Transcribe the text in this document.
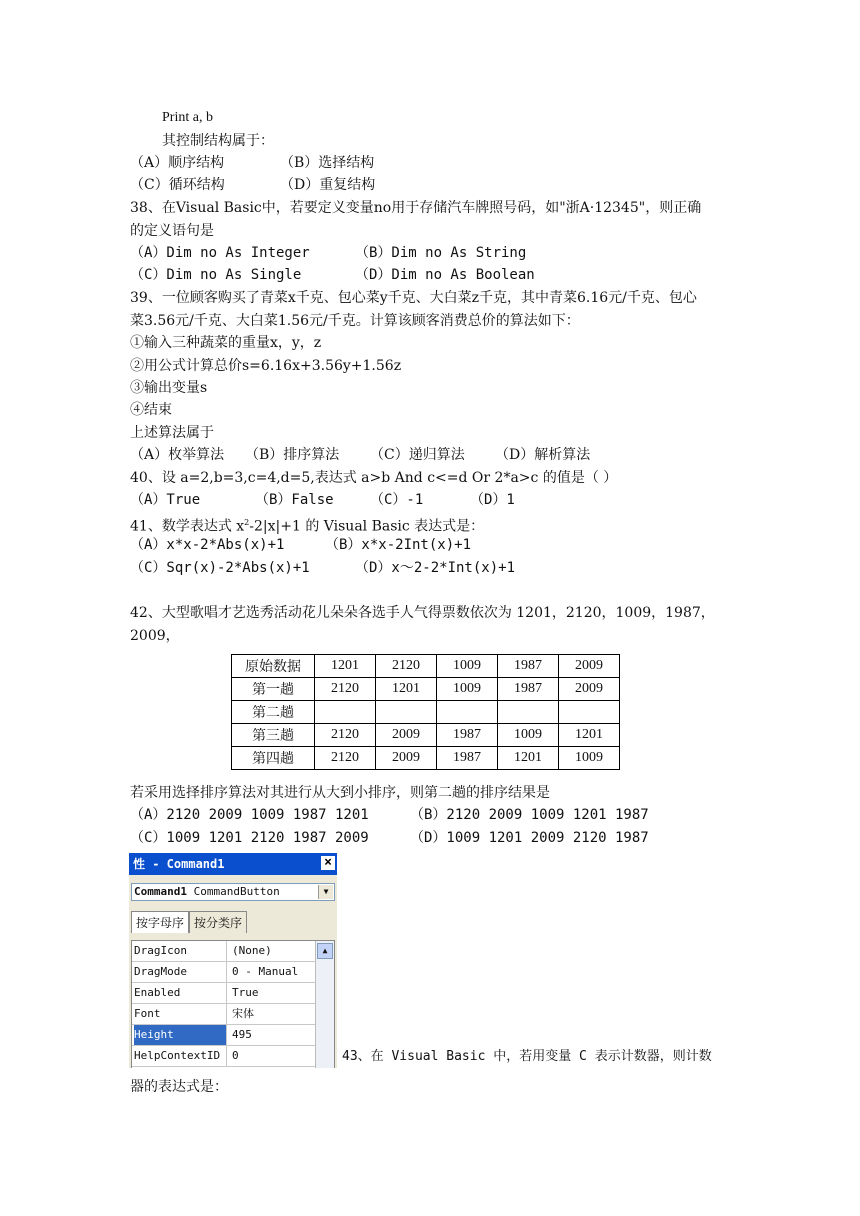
Print a, b
其控制结构属于：
（A）顺序结构	（B）选择结构
（C）循环结构	（D）重复结构
38、在Visual Basic中，若要定义变量no用于存储汽车牌照号码，如"浙A·12345"，则正确
的定义语句是
（A）Dim no As Integer	（B）Dim no As String
（C）Dim no As Single	（D）Dim no As Boolean
39、一位顾客购买了青菜x千克、包心菜y千克、大白菜z千克，其中青菜6.16元/千克、包心
菜3.56元/千克、大白菜1.56元/千克。计算该顾客消费总价的算法如下：
①输入三种蔬菜的重量x，y，z
②用公式计算总价s=6.16x+3.56y+1.56z
③输出变量s
④结束
上述算法属于
（A）枚举算法 （B）排序算法 （C）递归算法 （D）解析算法
40、设 a=2,b=3,c=4,d=5,表达式 a>b And c<=d Or 2*a>c 的值是（ ）
（A）True	（B）False	（C）-1	（D）1
41、数学表达式 $x^2-2|x|+1$ 的 Visual Basic 表达式是：
（A）x*x-2*Abs(x)+1	（B）x*x-2Int(x)+1
（C）Sqr(x)-2*Abs(x)+1	（D）x～2-2*Int(x)+1
42、大型歌唱才艺选秀活动花儿朵朵各选手人气得票数依次为 1201，2120，1009，1987，
2009，
原始数据	1201	2120	1009	1987	2009
第一趟	2120	1201	1009	1987	2009
第二趟					
第三趟	2120	2009	1987	1009	1201
第四趟	2120	2009	1987	1201	1009
若采用选择排序算法对其进行从大到小排序，则第二趟的排序结果是
（A）2120 2009 1009 1987 1201	（B）2120 2009 1009 1201 1987
（C）1009 1201 2120 1987 2009	（D）1009 1201 2009 2120 1987
性 - Command1	×
Command1 CommandButton	▼
按字母序 按分类序
DragIcon	(None)
DragMode	0 - Manual
Enabled	True
Font	宋体
Height	495
HelpContextID	0
▲
43、在 Visual Basic 中，若用变量 C 表示计数器，则计数
器的表达式是：
